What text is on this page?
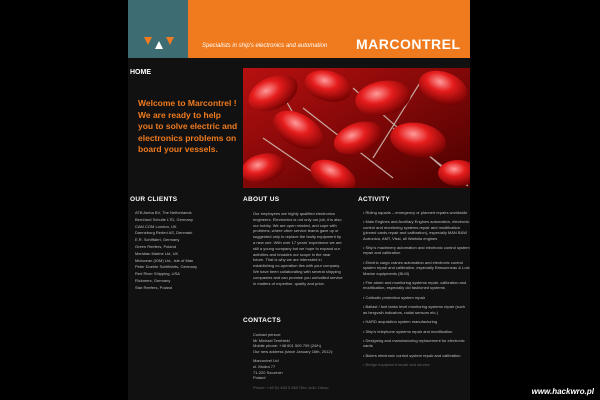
Specialists in ship's electronics and automation MARCONTREL
HOME

Welcome to Marcontrel ! We are ready to help you to solve electric and electronics problems on board your vessels.

OUR CLIENTS
ATB Amba BV, The Netherlands
Bernhard Schulte LTD, Germany
CAM.COM London, UK
Danneborg Rederi AS, Denmark
E.R. Schiffahrt, Germany
Green Reefers, Poland
Meridian Marine Ltd, UK
Midocean (IOM) Ltd., Isle of Man
Peter Doehle Schiffahrts, Germany
Red River Shipping, USA
Rickmers, Germany
Star Reefers, Poland
ABOUT US

Our employees are highly qualified electronics engineers. Electronics is not only our job, it is also our hobby. We are open minded, and cope with problems, where other service teams gave up or suggested only to replace the faulty equipment by a new one. With over 17 years' experience we are still a young company but we hope to expand our activities and broaden our scope in the near future. That is why we are interested in establishing co-operation ties with your company. We have been collaborating with several shipping companies and can promise you unrivalled service in matters of expertise, quality and price.

CONTACTS
Contact person:
Mr Michael Terebieki
Mobile phone: +48 601 509 709 (24/h)
Our new address (since January 16th, 2012):
Marcontrel Ltd
ul. Modra 77
71-220 Szczecin
Poland
Phone: +48 91 484 5 860 Otto 1x3o 14nso
ACTIVITY
• Riding squads – emergency or planned repairs worldwide
• Main Engines and Auxiliary Engines automation, electronic control and monitoring systems repair and modification (pinned cards repair and calibration), especially MAN B&W Autronica, AMT, Vissi, all Wartsila engines
• Ship's machinery automation and electronic control system repair and calibration
• Electric cargo cranes automation and electronic control system repair and calibration, especially Brissonneau & Lotz Marine equipments (BLM)
• Fire alarm and monitoring systems repair, calibration and modification, especially old fashioned systems
• Cathodic protection system repair
• Ballast / fuel tanks level monitoring systems repair (such as bergvalh indicators, radial sensors etc.)
• HARD acquisition system manufacturing
• Ship's telephone systems repair and modification
• Designing and manufacturing replacement for electronic cards
• Bulers electronic control system repair and calibration
• Bridge equipment repair and service
www.hackwro.pl
